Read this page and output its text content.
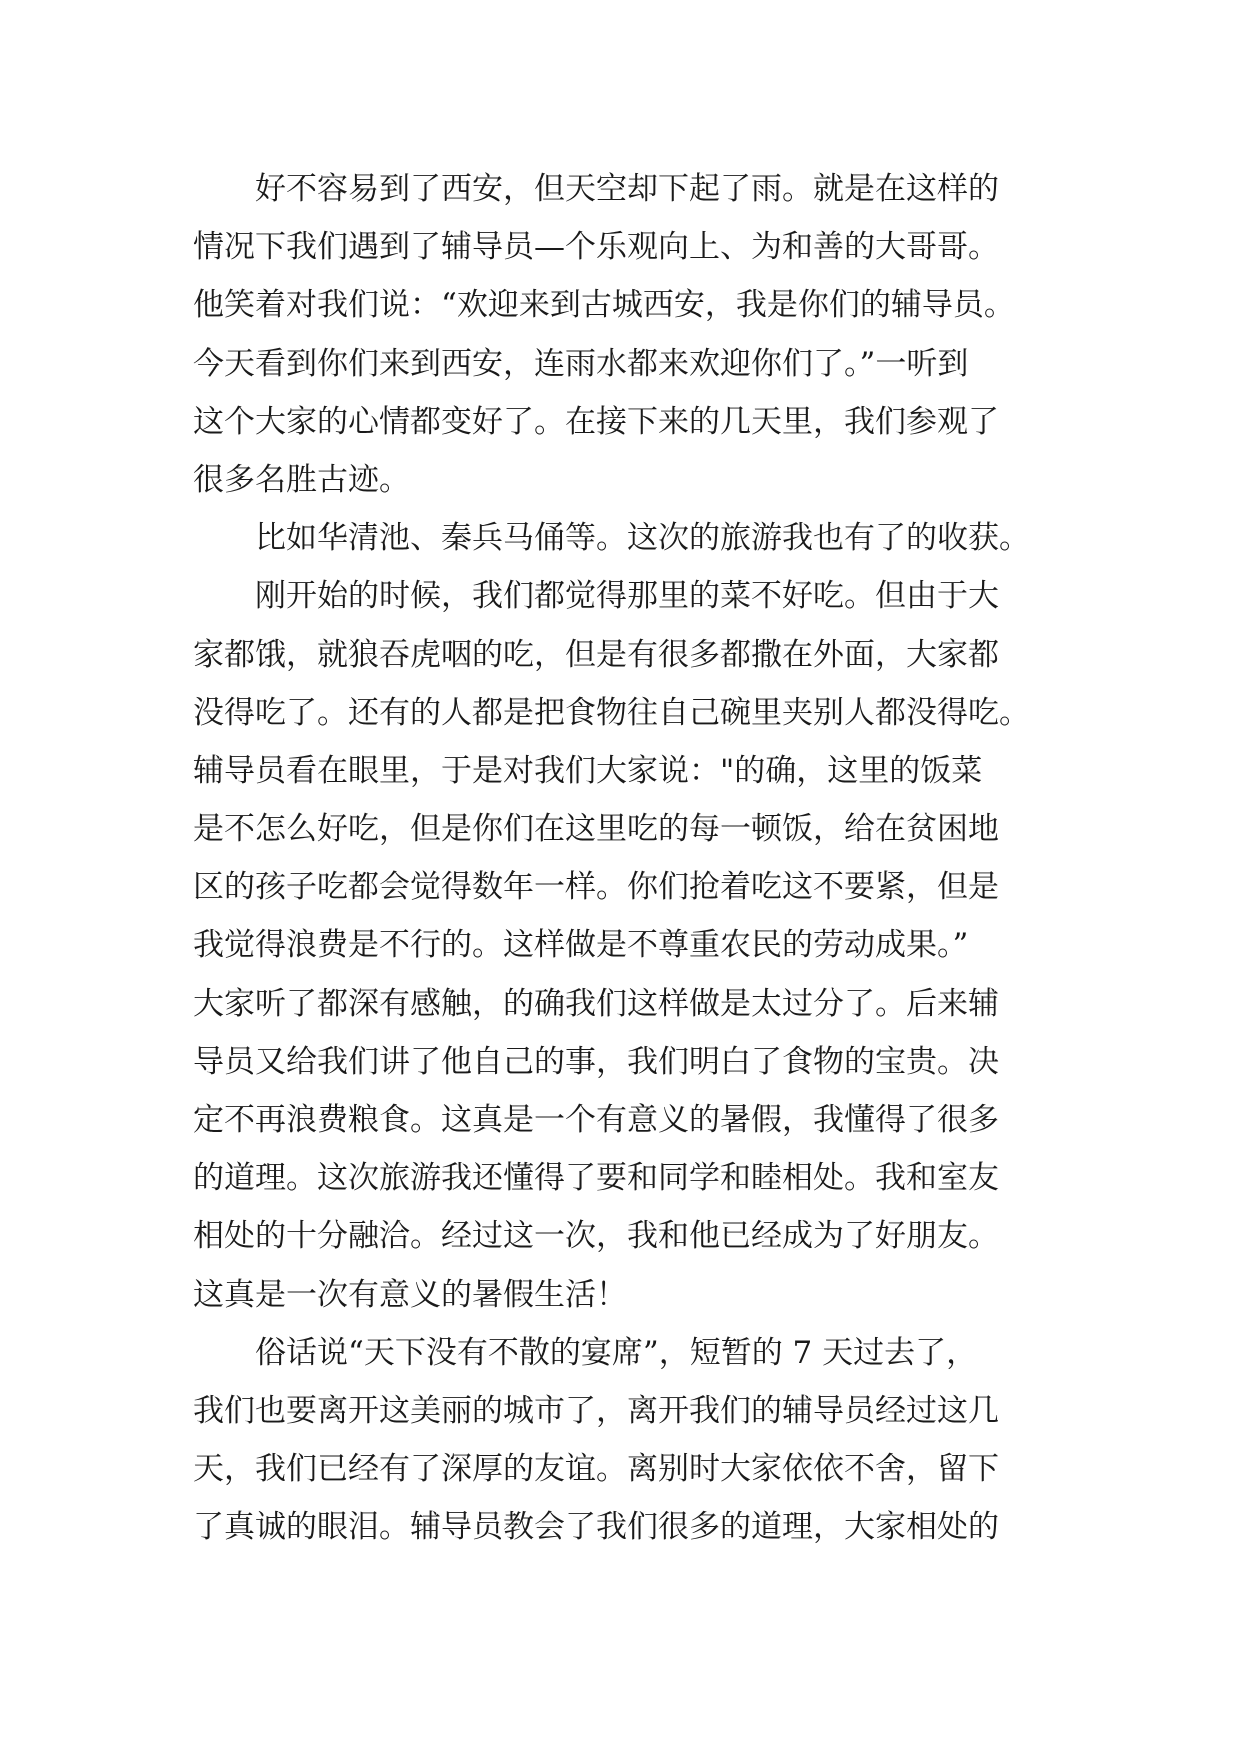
好不容易到了西安，但天空却下起了雨。就是在这样的
情况下我们遇到了辅导员—个乐观向上、为和善的大哥哥。
他笑着对我们说：“欢迎来到古城西安，我是你们的辅导员。
今天看到你们来到西安，连雨水都来欢迎你们了。”一听到
这个大家的心情都变好了。在接下来的几天里，我们参观了
很多名胜古迹。
比如华清池、秦兵马俑等。这次的旅游我也有了的收获。
刚开始的时候，我们都觉得那里的菜不好吃。但由于大
家都饿，就狼吞虎咽的吃，但是有很多都撒在外面，大家都
没得吃了。还有的人都是把食物往自己碗里夹别人都没得吃。
辅导员看在眼里，于是对我们大家说："的确，这里的饭菜
是不怎么好吃，但是你们在这里吃的每一顿饭，给在贫困地
区的孩子吃都会觉得数年一样。你们抢着吃这不要紧，但是
我觉得浪费是不行的。这样做是不尊重农民的劳动成果。”
大家听了都深有感触，的确我们这样做是太过分了。后来辅
导员又给我们讲了他自己的事，我们明白了食物的宝贵。决
定不再浪费粮食。这真是一个有意义的暑假，我懂得了很多
的道理。这次旅游我还懂得了要和同学和睦相处。我和室友
相处的十分融洽。经过这一次，我和他已经成为了好朋友。
这真是一次有意义的暑假生活！
俗话说“天下没有不散的宴席”，短暂的 7 天过去了，
我们也要离开这美丽的城市了，离开我们的辅导员经过这几
天，我们已经有了深厚的友谊。离别时大家依依不舍，留下
了真诚的眼泪。辅导员教会了我们很多的道理，大家相处的
